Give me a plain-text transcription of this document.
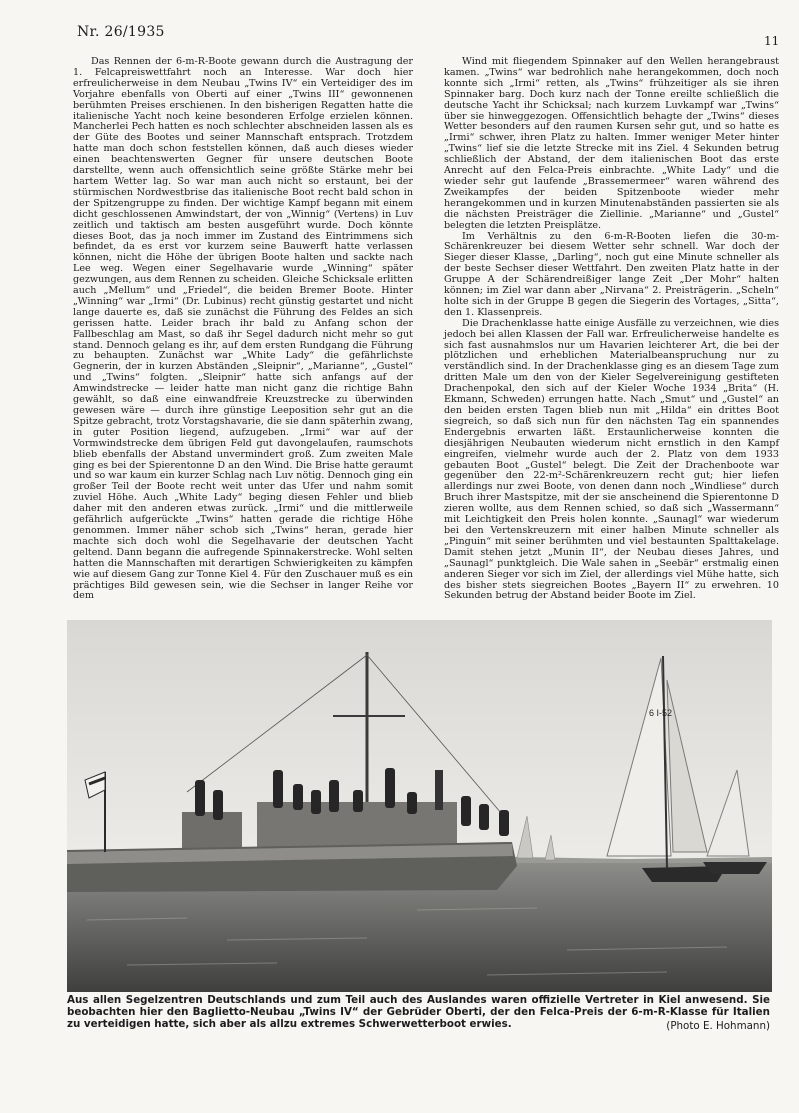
Nr. 26/1935
11

Das Rennen der 6-m-R-Boote gewann durch die Austragung der 1. Felcapreiswettfahrt noch an Interesse. War doch hier erfreulicherweise in dem Neubau „Twins IV“ ein Verteidiger des im Vorjahre ebenfalls von Oberti auf einer „Twins III“ gewonnenen berühmten Preises erschienen. In den bisherigen Regatten hatte die italienische Yacht noch keine besonderen Erfolge erzielen können. Mancherlei Pech hatten es noch schlechter abschneiden lassen als es der Güte des Bootes und seiner Mannschaft entsprach. Trotzdem hatte man doch schon feststellen können, daß auch dieses wieder einen beachtenswerten Gegner für unsere deutschen Boote darstellte, wenn auch offensichtlich seine größte Stärke mehr bei hartem Wetter lag. So war man auch nicht so erstaunt, bei der stürmischen Nordwestbrise das italienische Boot recht bald schon in der Spitzengruppe zu finden. Der wichtige Kampf begann mit einem dicht geschlossenen Amwindstart, der von „Winnig“ (Vertens) in Luv zeitlich und taktisch am besten ausgeführt wurde. Doch könnte dieses Boot, das ja noch immer im Zustand des Eintrimmens sich befindet, da es erst vor kurzem seine Bauwerft hatte verlassen können, nicht die Höhe der übrigen Boote halten und sackte nach Lee weg. Wegen einer Segelhavarie wurde „Winning“ später gezwungen, aus dem Rennen zu scheiden. Gleiche Schicksale erlitten auch „Mellum“ und „Friedel“, die beiden Bremer Boote. Hinter „Winning“ war „Irmi“ (Dr. Lubinus) recht günstig gestartet und nicht lange dauerte es, daß sie zunächst die Führung des Feldes an sich gerissen hatte. Leider brach ihr bald zu Anfang schon der Fallbeschlag am Mast, so daß ihr Segel dadurch nicht mehr so gut stand. Dennoch gelang es ihr, auf dem ersten Rundgang die Führung zu behaupten. Zunächst war „White Lady“ die gefährlichste Gegnerin, der in kurzen Abständen „Sleipnir“, „Marianne“, „Gustel“ und „Twins“ folgten. „Sleipnir“ hatte sich anfangs auf der Amwindstrecke — leider hatte man nicht ganz die richtige Bahn gewählt, so daß eine einwandfreie Kreuzstrecke zu überwinden gewesen wäre — durch ihre günstige Leeposition sehr gut an die Spitze gebracht, trotz Vorstagshavarie, die sie dann späterhin zwang, in guter Position liegend, aufzugeben. „Irmi“ war auf der Vormwindstrecke dem übrigen Feld gut davongelaufen, raumschots blieb ebenfalls der Abstand unvermindert groß. Zum zweiten Male ging es bei der Spierentonne D an den Wind. Die Brise hatte geraumt und so war kaum ein kurzer Schlag nach Luv nötig. Dennoch ging ein großer Teil der Boote recht weit unter das Ufer und nahm somit zuviel Höhe. Auch „White Lady“ beging diesen Fehler und blieb daher mit den anderen etwas zurück. „Irmi“ und die mittlerweile gefährlich aufgerückte „Twins“ hatten gerade die richtige Höhe genommen. Immer näher schob sich „Twins“ heran, gerade hier machte sich doch wohl die Segelhavarie der deutschen Yacht geltend. Dann begann die aufregende Spinnakerstrecke. Wohl selten hatten die Mannschaften mit derartigen Schwierigkeiten zu kämpfen wie auf diesem Gang zur Tonne Kiel 4. Für den Zuschauer muß es ein prächtiges Bild gewesen sein, wie die Sechser in langer Reihe vor dem

Wind mit fliegendem Spinnaker auf den Wellen herangebraust kamen. „Twins“ war bedrohlich nahe herangekommen, doch noch konnte sich „Irmi“ retten, als „Twins“ frühzeitiger als sie ihren Spinnaker barg. Doch kurz nach der Tonne ereilte schließlich die deutsche Yacht ihr Schicksal; nach kurzem Luvkampf war „Twins“ über sie hinweggezogen. Offensichtlich behagte der „Twins“ dieses Wetter besonders auf den raumen Kursen sehr gut, und so hatte es „Irmi“ schwer, ihren Platz zu halten. Immer weniger Meter hinter „Twins“ lief sie die letzte Strecke mit ins Ziel. 4 Sekunden betrug schließlich der Abstand, der dem italienischen Boot das erste Anrecht auf den Felca-Preis einbrachte. „White Lady“ und die wieder sehr gut laufende „Brassemermeer“ waren während des Zweikampfes der beiden Spitzenboote wieder mehr herangekommen und in kurzen Minutenabständen passierten sie als die nächsten Preisträger die Ziellinie. „Marianne“ und „Gustel“ belegten die letzten Preisplätze.

Im Verhältnis zu den 6-m-R-Booten liefen die 30-m-Schärenkreuzer bei diesem Wetter sehr schnell. War doch der Sieger dieser Klasse, „Darling“, noch gut eine Minute schneller als der beste Sechser dieser Wettfahrt. Den zweiten Platz hatte in der Gruppe A der Schärendreißiger lange Zeit „Der Mohr“ halten können; im Ziel war dann aber „Nirvana“ 2. Preisträgerin. „Scheln“ holte sich in der Gruppe B gegen die Siegerin des Vortages, „Sitta“, den 1. Klassenpreis.

Die Drachenklasse hatte einige Ausfälle zu verzeichnen, wie dies jedoch bei allen Klassen der Fall war. Erfreulicherweise handelte es sich fast ausnahmslos nur um Havarien leichterer Art, die bei der plötzlichen und erheblichen Materialbeanspruchung nur zu verständlich sind. In der Drachenklasse ging es an diesem Tage zum dritten Male um den von der Kieler Segelvereinigung gestifteten Drachenpokal, den sich auf der Kieler Woche 1934 „Brita“ (H. Ekmann, Schweden) errungen hatte. Nach „Smut“ und „Gustel“ an den beiden ersten Tagen blieb nun mit „Hilda“ ein drittes Boot siegreich, so daß sich nun für den nächsten Tag ein spannendes Endergebnis erwarten läßt. Erstaunlicherweise konnten die diesjährigen Neubauten wiederum nicht ernstlich in den Kampf eingreifen, vielmehr wurde auch der 2. Platz von dem 1933 gebauten Boot „Gustel“ belegt. Die Zeit der Drachenboote war gegenüber den 22-m²-Schärenkreuzern recht gut; hier liefen allerdings nur zwei Boote, von denen dann noch „Windliese“ durch Bruch ihrer Mastspitze, mit der sie anscheinend die Spierentonne D zieren wollte, aus dem Rennen schied, so daß sich „Wassermann“ mit Leichtigkeit den Preis holen konnte. „Saunagl“ war wiederum bei den Vertenskreuzern mit einer halben Minute schneller als „Pinguin“ mit seiner berühmten und viel bestaunten Spalttakelage. Damit stehen jetzt „Munin II“, der Neubau dieses Jahres, und „Saunagl“ punktgleich. Die Wale sahen in „Seebär“ erstmalig einen anderen Sieger vor sich im Ziel, der allerdings viel Mühe hatte, sich des bisher stets siegreichen Bootes „Bayern II“ zu erwehren. 10 Sekunden betrug der Abstand beider Boote im Ziel.

6 I-52
Aus allen Segelzentren Deutschlands und zum Teil auch des Auslandes waren offizielle Vertreter in Kiel anwesend. Sie beobachten hier den Baglietto-Neubau „Twins IV“ der Gebrüder Oberti, der den Felca-Preis der 6-m-R-Klasse für Italien zu verteidigen hatte, sich aber als allzu extremes Schwerwetterboot erwies.	(Photo E. Hohmann)
